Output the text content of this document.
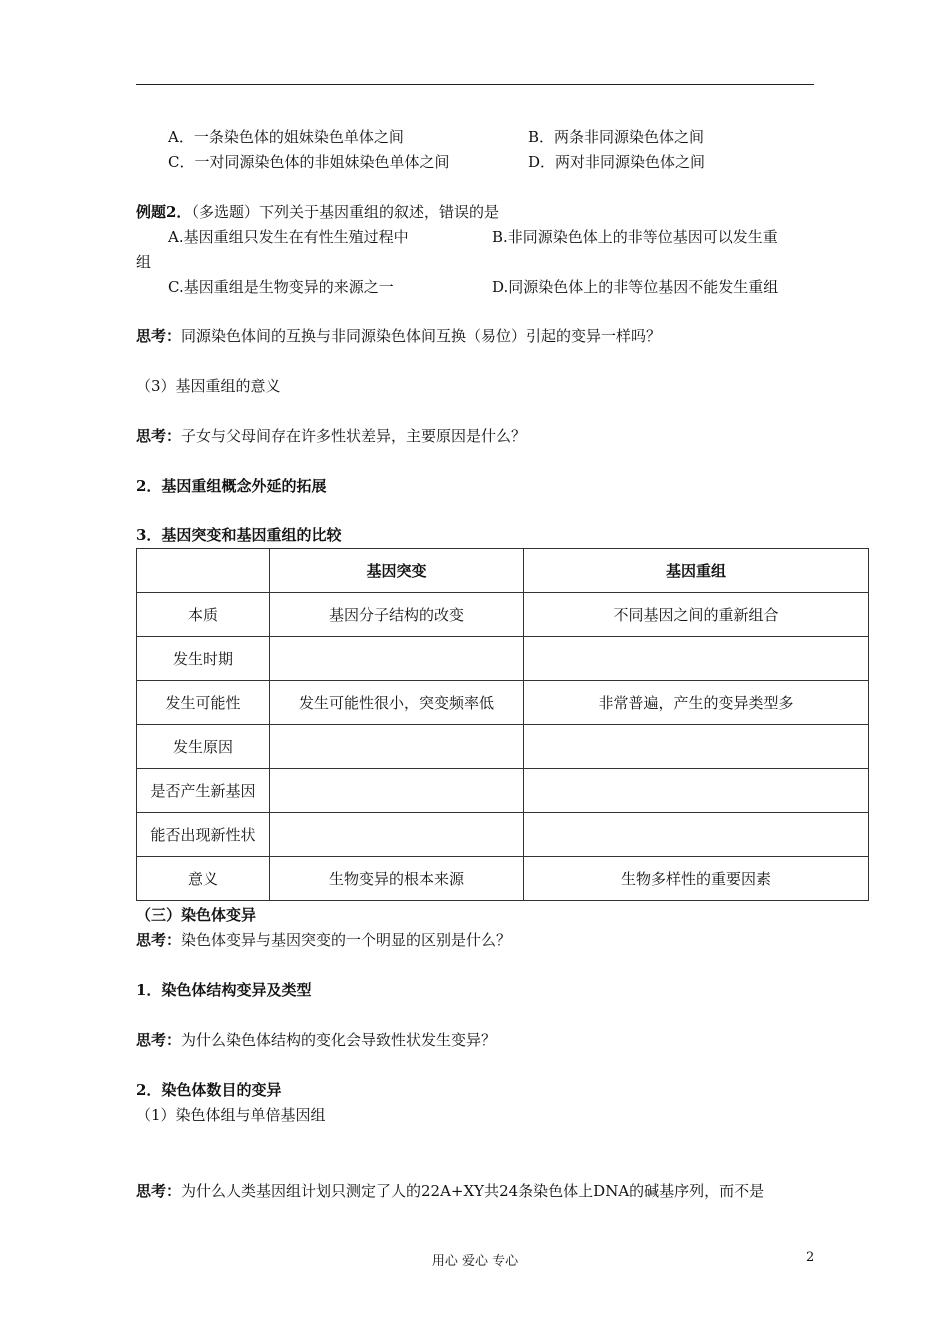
A．一条染色体的姐妹染色单体之间	B．两条非同源染色体之间
C．一对同源染色体的非姐妹染色单体之间	D．两对非同源染色体之间
例题2．（多选题）下列关于基因重组的叙述，错误的是
A.基因重组只发生在有性生殖过程中	B.非同源染色体上的非等位基因可以发生重
组
C.基因重组是生物变异的来源之一	D.同源染色体上的非等位基因不能发生重组
思考：同源染色体间的互换与非同源染色体间互换（易位）引起的变异一样吗？
（3）基因重组的意义
思考：子女与父母间存在许多性状差异，主要原因是什么？
2．基因重组概念外延的拓展
3．基因突变和基因重组的比较
	基因突变	基因重组
本质	基因分子结构的改变	不同基因之间的重新组合
发生时期		
发生可能性	发生可能性很小，突变频率低	非常普遍，产生的变异类型多
发生原因		
是否产生新基因		
能否出现新性状		
意义	生物变异的根本来源	生物多样性的重要因素
（三）染色体变异
思考：染色体变异与基因突变的一个明显的区别是什么？
1．染色体结构变异及类型
思考：为什么染色体结构的变化会导致性状发生变异？
2．染色体数目的变异
（1）染色体组与单倍基因组
思考：为什么人类基因组计划只测定了人的22A+XY共24条染色体上DNA的碱基序列，而不是
用心 爱心 专心	2
